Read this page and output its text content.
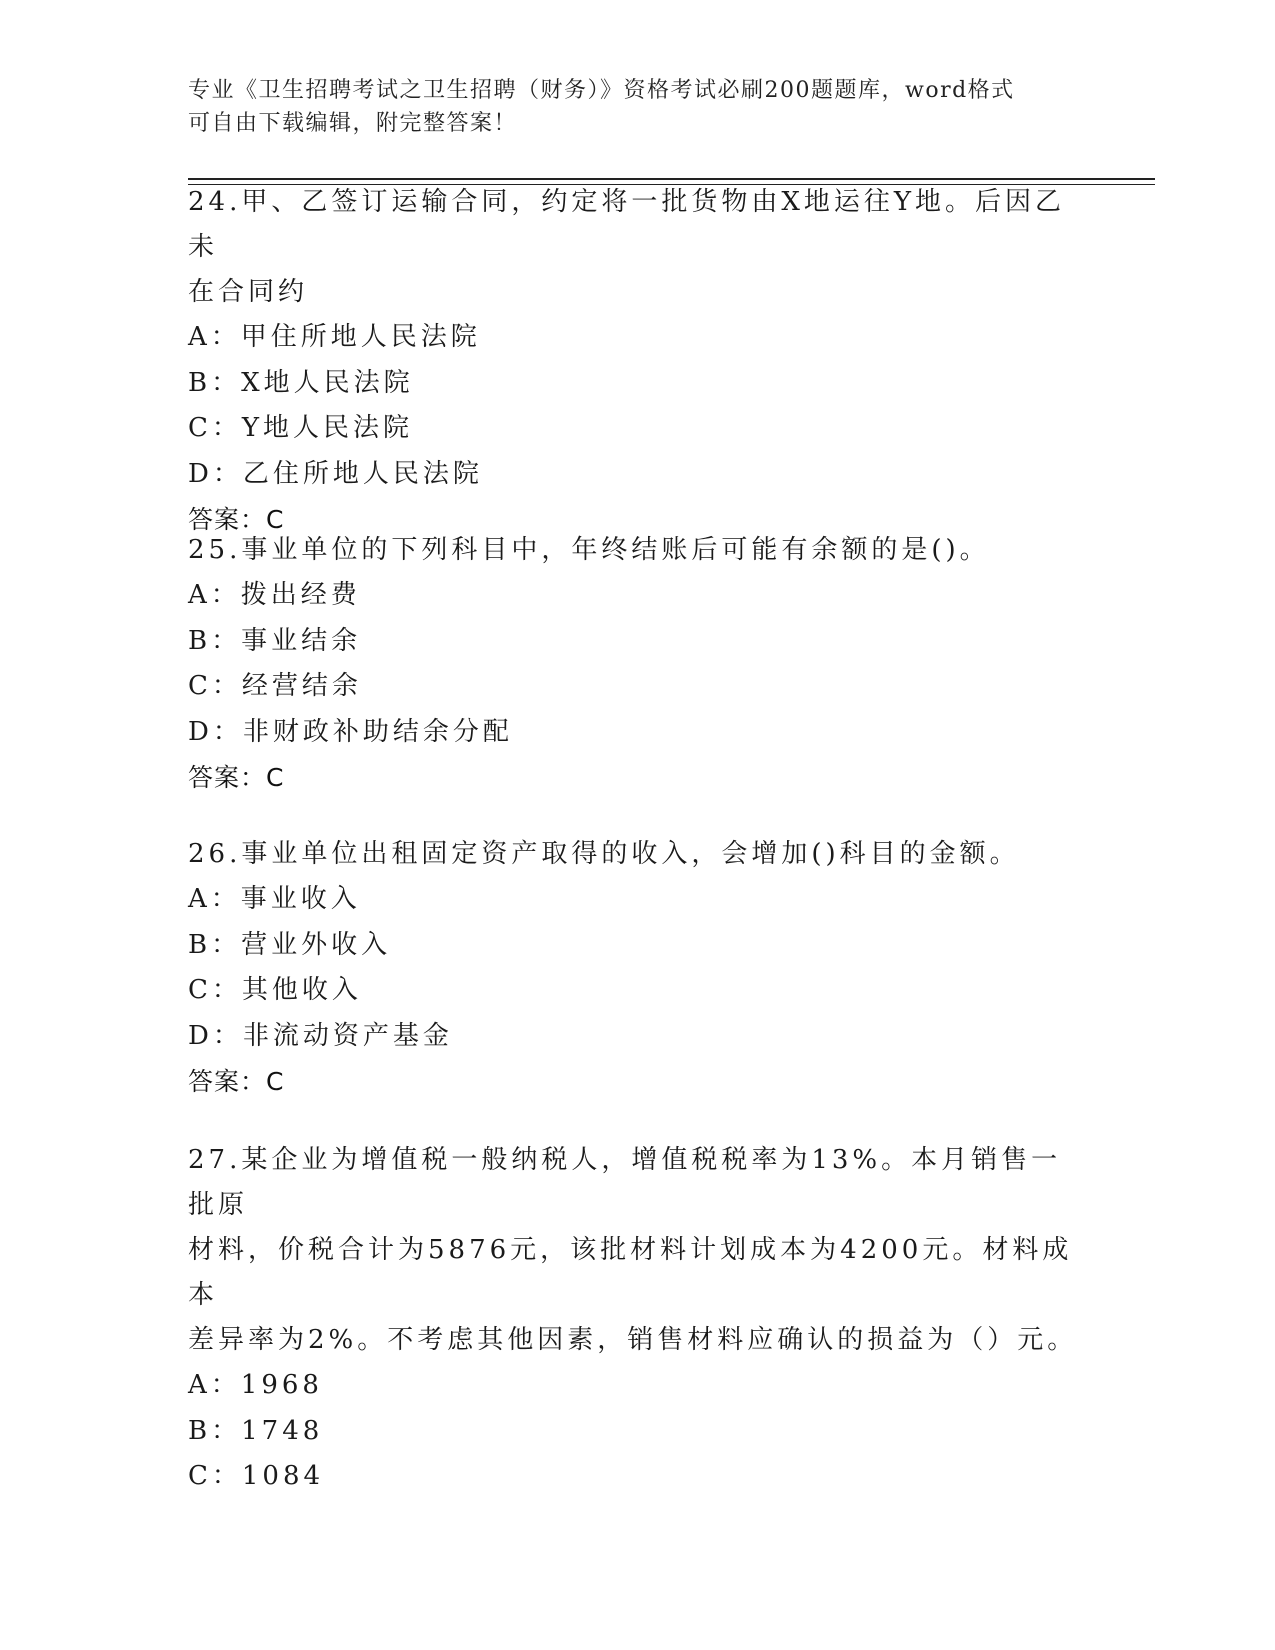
专业《卫生招聘考试之卫生招聘（财务）》资格考试必刷200题题库，word格式
可自由下载编辑，附完整答案！

24.甲、乙签订运输合同，约定将一批货物由X地运往Y地。后因乙未

在合同约

A：甲住所地人民法院

B：X地人民法院

C：Y地人民法院

D：乙住所地人民法院

答案：C

25.事业单位的下列科目中，年终结账后可能有余额的是()。

A：拨出经费

B：事业结余

C：经营结余

D：非财政补助结余分配

答案：C

26.事业单位出租固定资产取得的收入，会增加()科目的金额。

A：事业收入

B：营业外收入

C：其他收入

D：非流动资产基金

答案：C

27.某企业为增值税一般纳税人，增值税税率为13%。本月销售一批原

材料，价税合计为5876元，该批材料计划成本为4200元。材料成本

差异率为2%。不考虑其他因素，销售材料应确认的损益为（）元。

A：1968

B：1748

C：1084
